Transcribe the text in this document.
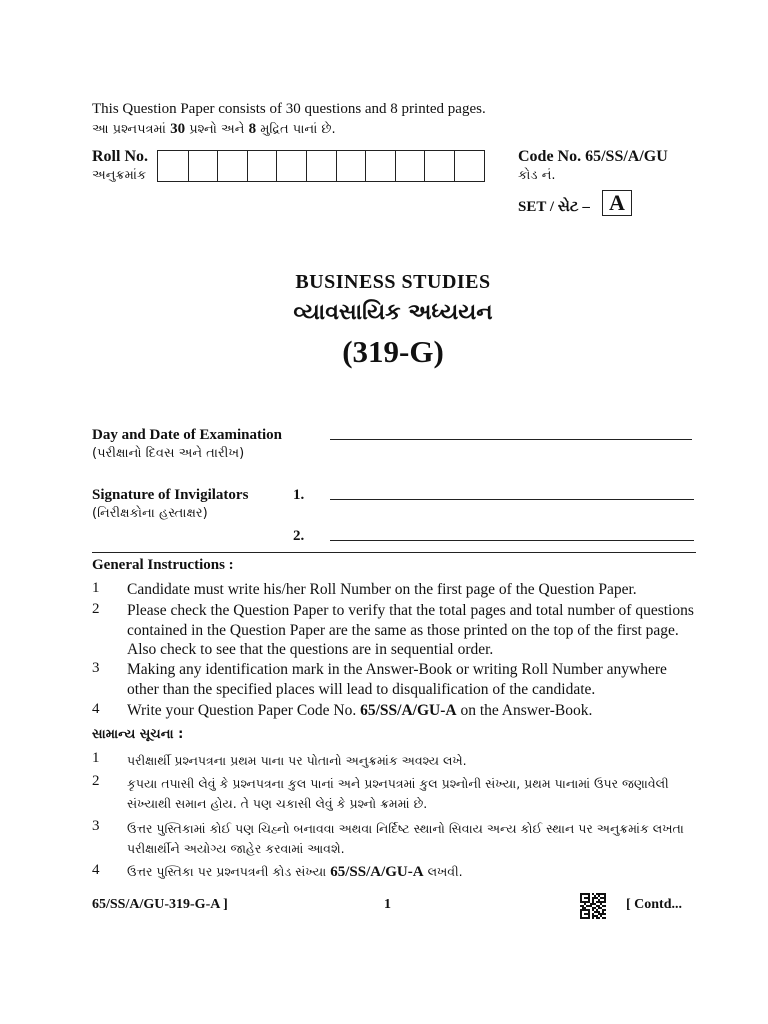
This Question Paper consists of 30 questions and 8 printed pages.
આ પ્રશ્નપત્રમાં 30 પ્રશ્નો અને 8 મુદ્રિત પાનાં છે.
Roll No.
અનુક્રમાંક
Code No. 65/SS/A/GU
કોડ નં.
SET / સેટ – A
BUSINESS STUDIES
વ્યાવસાયિક અધ્યયન
(319-G)
Day and Date of Examination
(પરીક્ષાનો દિવસ અને તારીખ)
Signature of Invigilators
(નિરીક્ષકોના હસ્તાક્ષર)
1.
2.
General Instructions :
1 Candidate must write his/her Roll Number on the first page of the Question Paper.
2 Please check the Question Paper to verify that the total pages and total number of questions contained in the Question Paper are the same as those printed on the top of the first page. Also check to see that the questions are in sequential order.
3 Making any identification mark in the Answer-Book or writing Roll Number anywhere other than the specified places will lead to disqualification of the candidate.
4 Write your Question Paper Code No. 65/SS/A/GU-A on the Answer-Book.
સામાન્ય સૂચના :
1 પરીક્ષાર્થી પ્રશ્નપત્રના પ્રથમ પાના પર પોતાનો અનુક્રમાંક અવશ્ય લખે.
2 કૃપયા તપાસી લેવું કે પ્રશ્નપત્રના કુલ પાનાં અને પ્રશ્નપત્રમાં કુલ પ્રશ્નોની સંખ્યા, પ્રથમ પાનામાં ઉપર જણાવેલી સંખ્યાથી સમાન હોય. તે પણ ચકાસી લેવું કે પ્રશ્નો ક્રમમાં છે.
3 ઉત્તર પુસ્તિકામાં કોઈ પણ ચિહ્નો બનાવવા અથવા નિર્દિષ્ટ સ્થાનો સિવાય અન્ય કોઈ સ્થાન પર અનુક્રમાંક લખતા પરીક્ષાર્થીને અયોગ્ય જાહેર કરવામાં આવશે.
4 ઉત્તર પુસ્તિકા પર પ્રશ્નપત્રની કોડ સંખ્યા 65/SS/A/GU-A લખવી.
65/SS/A/GU-319-G-A ]	1	[ Contd...
